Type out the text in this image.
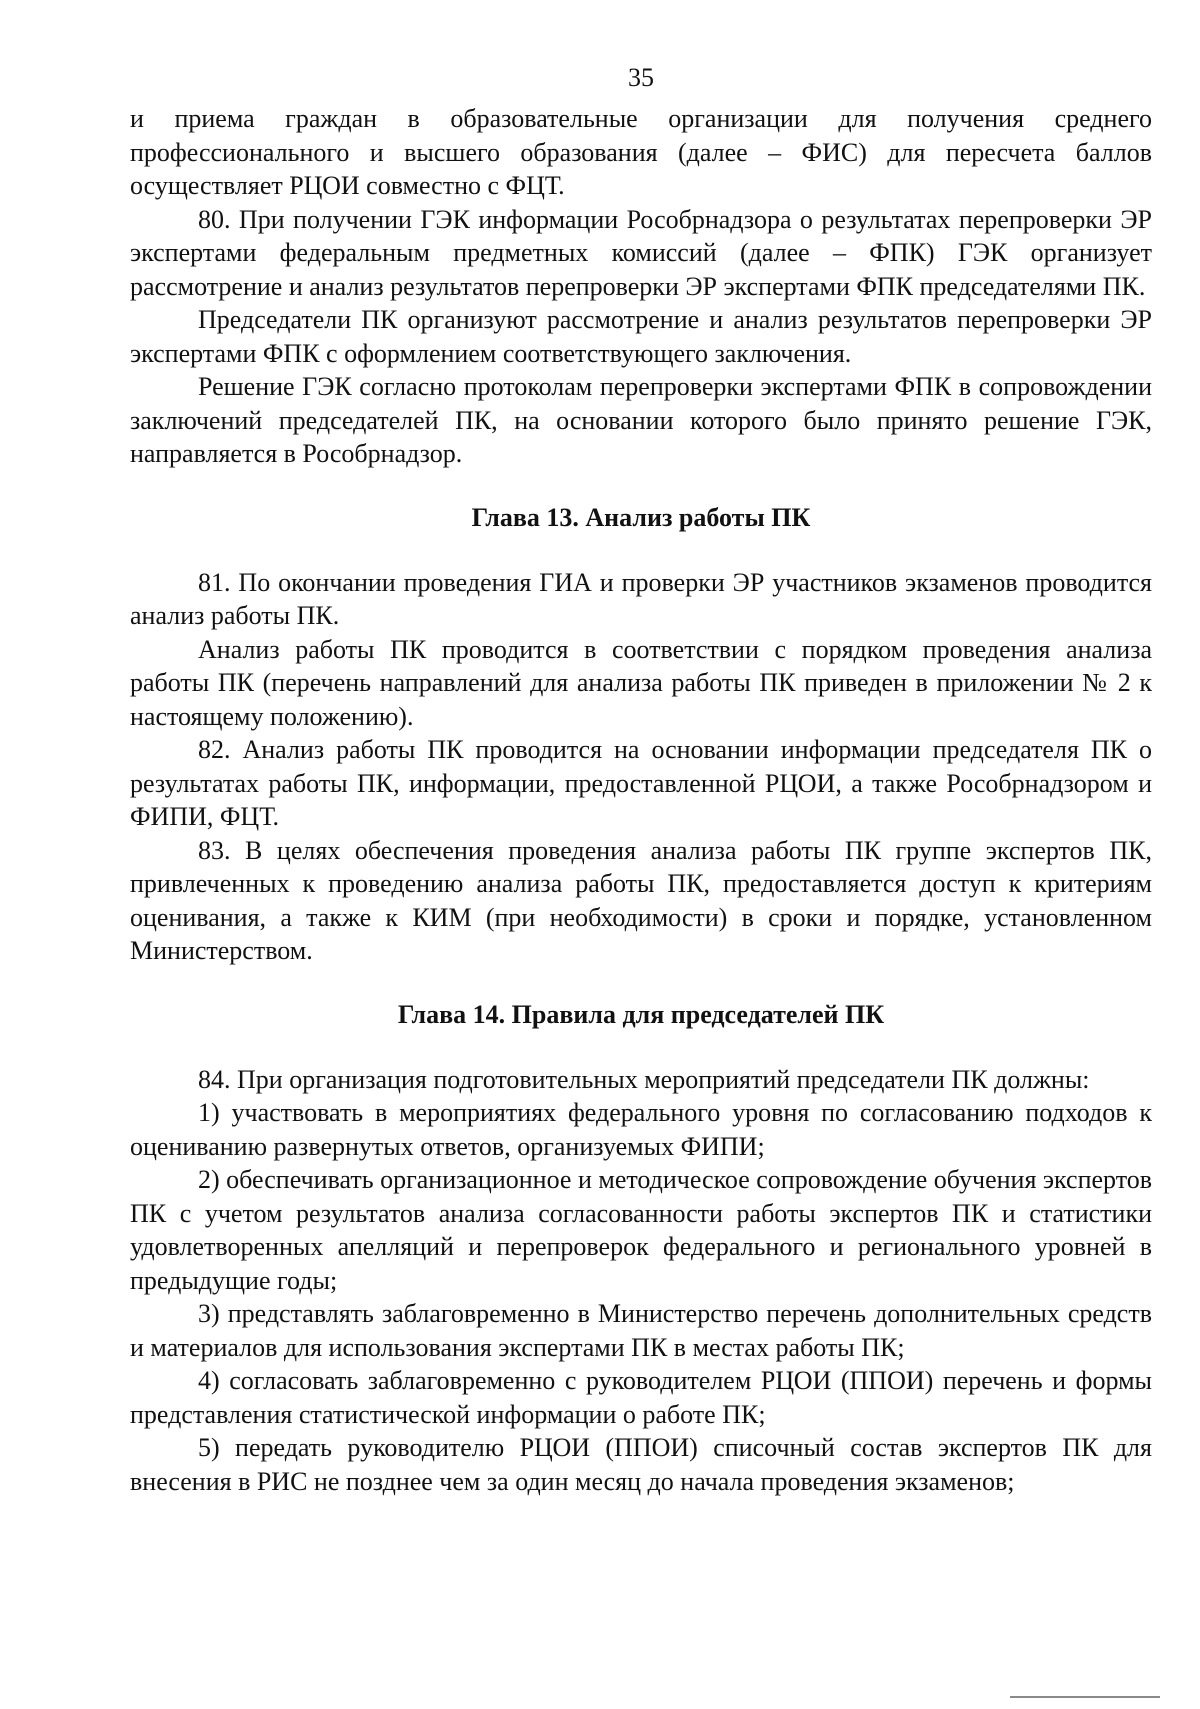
35

и приема граждан в образовательные организации для получения среднего профессионального и высшего образования (далее – ФИС) для пересчета баллов осуществляет РЦОИ совместно с ФЦТ.

80. При получении ГЭК информации Рособрнадзора о результатах перепроверки ЭР экспертами федеральным предметных комиссий (далее – ФПК) ГЭК организует рассмотрение и анализ результатов перепроверки ЭР экспертами ФПК председателями ПК.

Председатели ПК организуют рассмотрение и анализ результатов перепроверки ЭР экспертами ФПК с оформлением соответствующего заключения.

Решение ГЭК согласно протоколам перепроверки экспертами ФПК в сопровождении заключений председателей ПК, на основании которого было принято решение ГЭК, направляется в Рособрнадзор.

Глава 13. Анализ работы ПК

81. По окончании проведения ГИА и проверки ЭР участников экзаменов проводится анализ работы ПК.

Анализ работы ПК проводится в соответствии с порядком проведения анализа работы ПК (перечень направлений для анализа работы ПК приведен в приложении № 2 к настоящему положению).

82. Анализ работы ПК проводится на основании информации председателя ПК о результатах работы ПК, информации, предоставленной РЦОИ, а также Рособрнадзором и ФИПИ, ФЦТ.

83. В целях обеспечения проведения анализа работы ПК группе экспертов ПК, привлеченных к проведению анализа работы ПК, предоставляется доступ к критериям оценивания, а также к КИМ (при необходимости) в сроки и порядке, установленном Министерством.

Глава 14. Правила для председателей ПК

84. При организация подготовительных мероприятий председатели ПК должны:

1) участвовать в мероприятиях федерального уровня по согласованию подходов к оцениванию развернутых ответов, организуемых ФИПИ;

2) обеспечивать организационное и методическое сопровождение обучения экспертов ПК с учетом результатов анализа согласованности работы экспертов ПК и статистики удовлетворенных апелляций и перепроверок федерального и регионального уровней в предыдущие годы;

3) представлять заблаговременно в Министерство перечень дополнительных средств и материалов для использования экспертами ПК в местах работы ПК;

4) согласовать заблаговременно с руководителем РЦОИ (ППОИ) перечень и формы представления статистической информации о работе ПК;

5) передать руководителю РЦОИ (ППОИ) списочный состав экспертов ПК для внесения в РИС не позднее чем за один месяц до начала проведения экзаменов;
